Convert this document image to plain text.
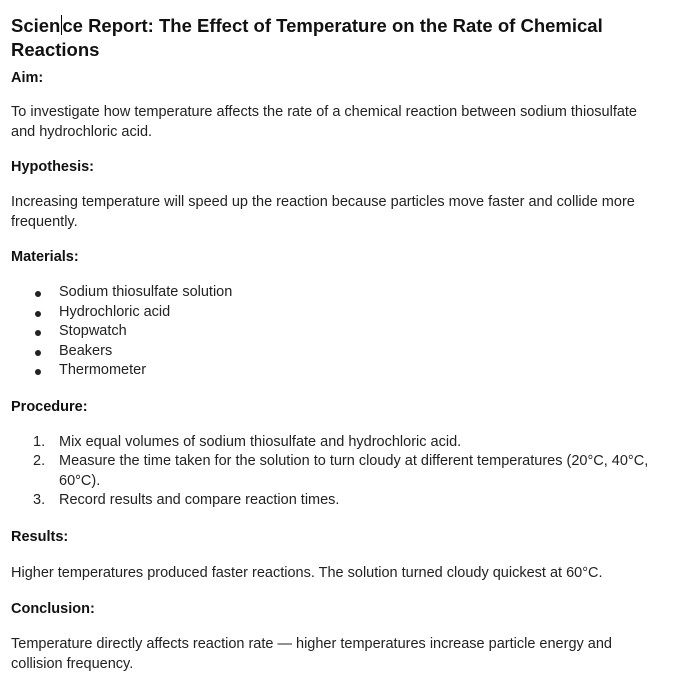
Scien ce Report: The Effect of Temperature on the Rate of Chemical Reactions
Aim:

To investigate how temperature affects the rate of a chemical reaction between sodium thiosulfate and hydrochloric acid.

Hypothesis:

Increasing temperature will speed up the reaction because particles move faster and collide more frequently.

Materials:
Sodium thiosulfate solution
Hydrochloric acid
Stopwatch
Beakers
Thermometer
Procedure:
1. Mix equal volumes of sodium thiosulfate and hydrochloric acid.
2. Measure the time taken for the solution to turn cloudy at different temperatures (20°C, 40°C, 60°C).
3. Record results and compare reaction times.
Results:

Higher temperatures produced faster reactions. The solution turned cloudy quickest at 60°C.

Conclusion:

Temperature directly affects reaction rate — higher temperatures increase particle energy and collision frequency.
